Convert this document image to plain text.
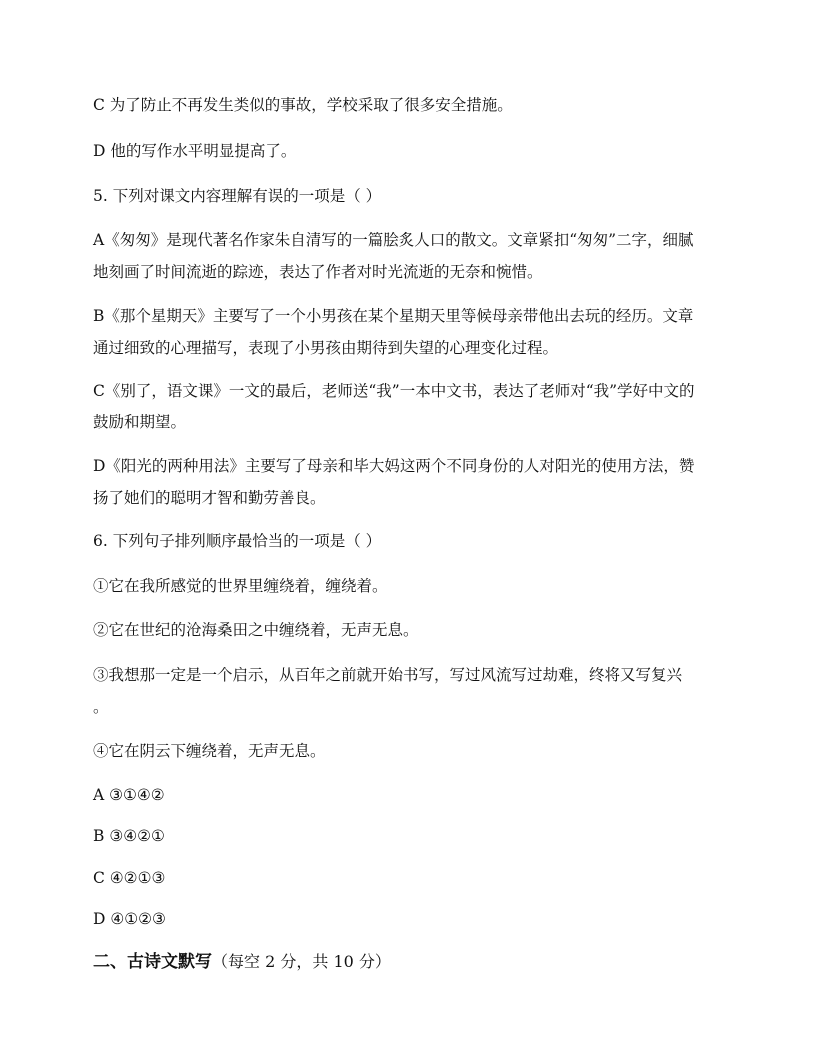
C 为了防止不再发生类似的事故，学校采取了很多安全措施。
D 他的写作水平明显提高了。
5. 下列对课文内容理解有误的一项是（ ）
A《匆匆》是现代著名作家朱自清写的一篇脍炙人口的散文。文章紧扣“匆匆”二字，细腻
地刻画了时间流逝的踪迹，表达了作者对时光流逝的无奈和惋惜。
B《那个星期天》主要写了一个小男孩在某个星期天里等候母亲带他出去玩的经历。文章
通过细致的心理描写，表现了小男孩由期待到失望的心理变化过程。
C《别了，语文课》一文的最后，老师送“我”一本中文书，表达了老师对“我”学好中文的
鼓励和期望。
D《阳光的两种用法》主要写了母亲和毕大妈这两个不同身份的人对阳光的使用方法，赞
扬了她们的聪明才智和勤劳善良。
6. 下列句子排列顺序最恰当的一项是（ ）
①它在我所感觉的世界里缠绕着，缠绕着。
②它在世纪的沧海桑田之中缠绕着，无声无息。
③我想那一定是一个启示，从百年之前就开始书写，写过风流写过劫难，终将又写复兴
。
④它在阴云下缠绕着，无声无息。
A ③①④②
B ③④②①
C ④②①③
D ④①②③
二、古诗文默写（每空 2 分，共 10 分）
